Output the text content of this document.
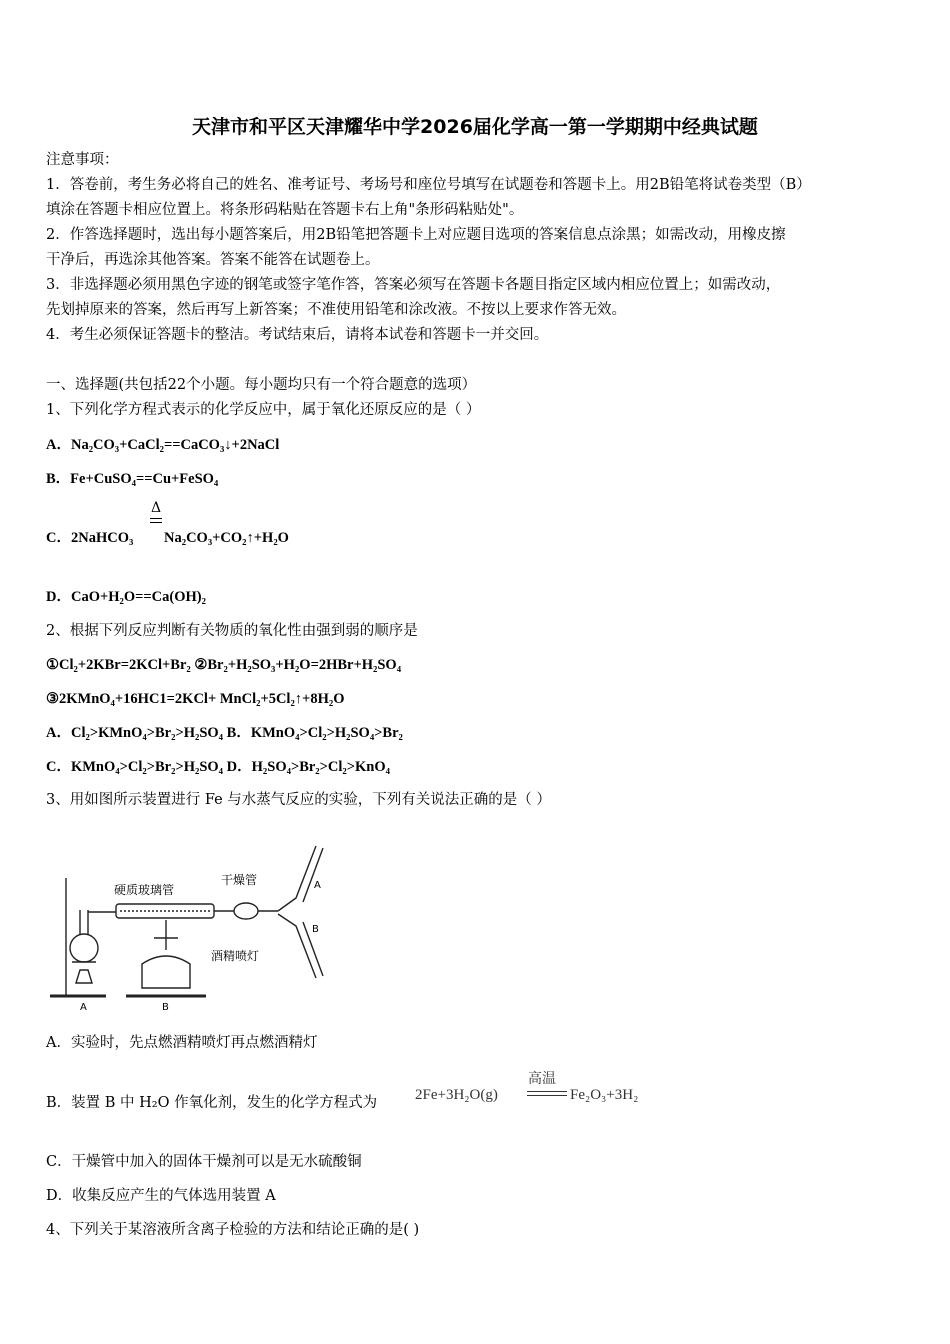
天津市和平区天津耀华中学2026届化学高一第一学期期中经典试题
注意事项：
1．答卷前，考生务必将自己的姓名、准考证号、考场号和座位号填写在试题卷和答题卡上。用2B铅笔将试卷类型（B）
填涂在答题卡相应位置上。将条形码粘贴在答题卡右上角"条形码粘贴处"。
2．作答选择题时，选出每小题答案后，用2B铅笔把答题卡上对应题目选项的答案信息点涂黑；如需改动，用橡皮擦
干净后，再选涂其他答案。答案不能答在试题卷上。
3．非选择题必须用黑色字迹的钢笔或签字笔作答，答案必须写在答题卡各题目指定区域内相应位置上；如需改动，
先划掉原来的答案，然后再写上新答案；不准使用铅笔和涂改液。不按以上要求作答无效。
4．考生必须保证答题卡的整洁。考试结束后，请将本试卷和答题卡一并交回。
一、选择题(共包括22个小题。每小题均只有一个符合题意的选项）
1、下列化学方程式表示的化学反应中，属于氧化还原反应的是（ ）
A．Na₂CO₃+CaCl₂==CaCO₃↓+2NaCl
B．Fe+CuSO₄==Cu+FeSO₄
C．2NaHCO₃
Δ
Na₂CO₃+CO₂↑+H₂O
D．CaO+H₂O==Ca(OH)₂
2、根据下列反应判断有关物质的氧化性由强到弱的顺序是
①Cl₂+2KBr=2KCl+Br₂ ②Br₂+H₂SO₃+H₂O=2HBr+H₂SO₄
③2KMnO₄+16HC1=2KCl+ MnCl₂+5Cl₂↑+8H₂O
A．Cl₂>KMnO₄>Br₂>H₂SO₄ B．KMnO₄>Cl₂>H₂SO₄>Br₂
C．KMnO₄>Cl₂>Br₂>H₂SO₄ D．H₂SO₄>Br₂>Cl₂>KnO₄
3、用如图所示装置进行 Fe 与水蒸气反应的实验，下列有关说法正确的是（ ）
硬质玻璃管
干燥管
酒精喷灯
A
B
A	B
A．实验时，先点燃酒精喷灯再点燃酒精灯
B．装置 B 中 H₂O 作氧化剂，发生的化学方程式为	2Fe+3H₂O(g)
高温
Fe₂O₃+3H₂
C．干燥管中加入的固体干燥剂可以是无水硫酸铜
D．收集反应产生的气体选用装置 A
4、下列关于某溶液所含离子检验的方法和结论正确的是( )
